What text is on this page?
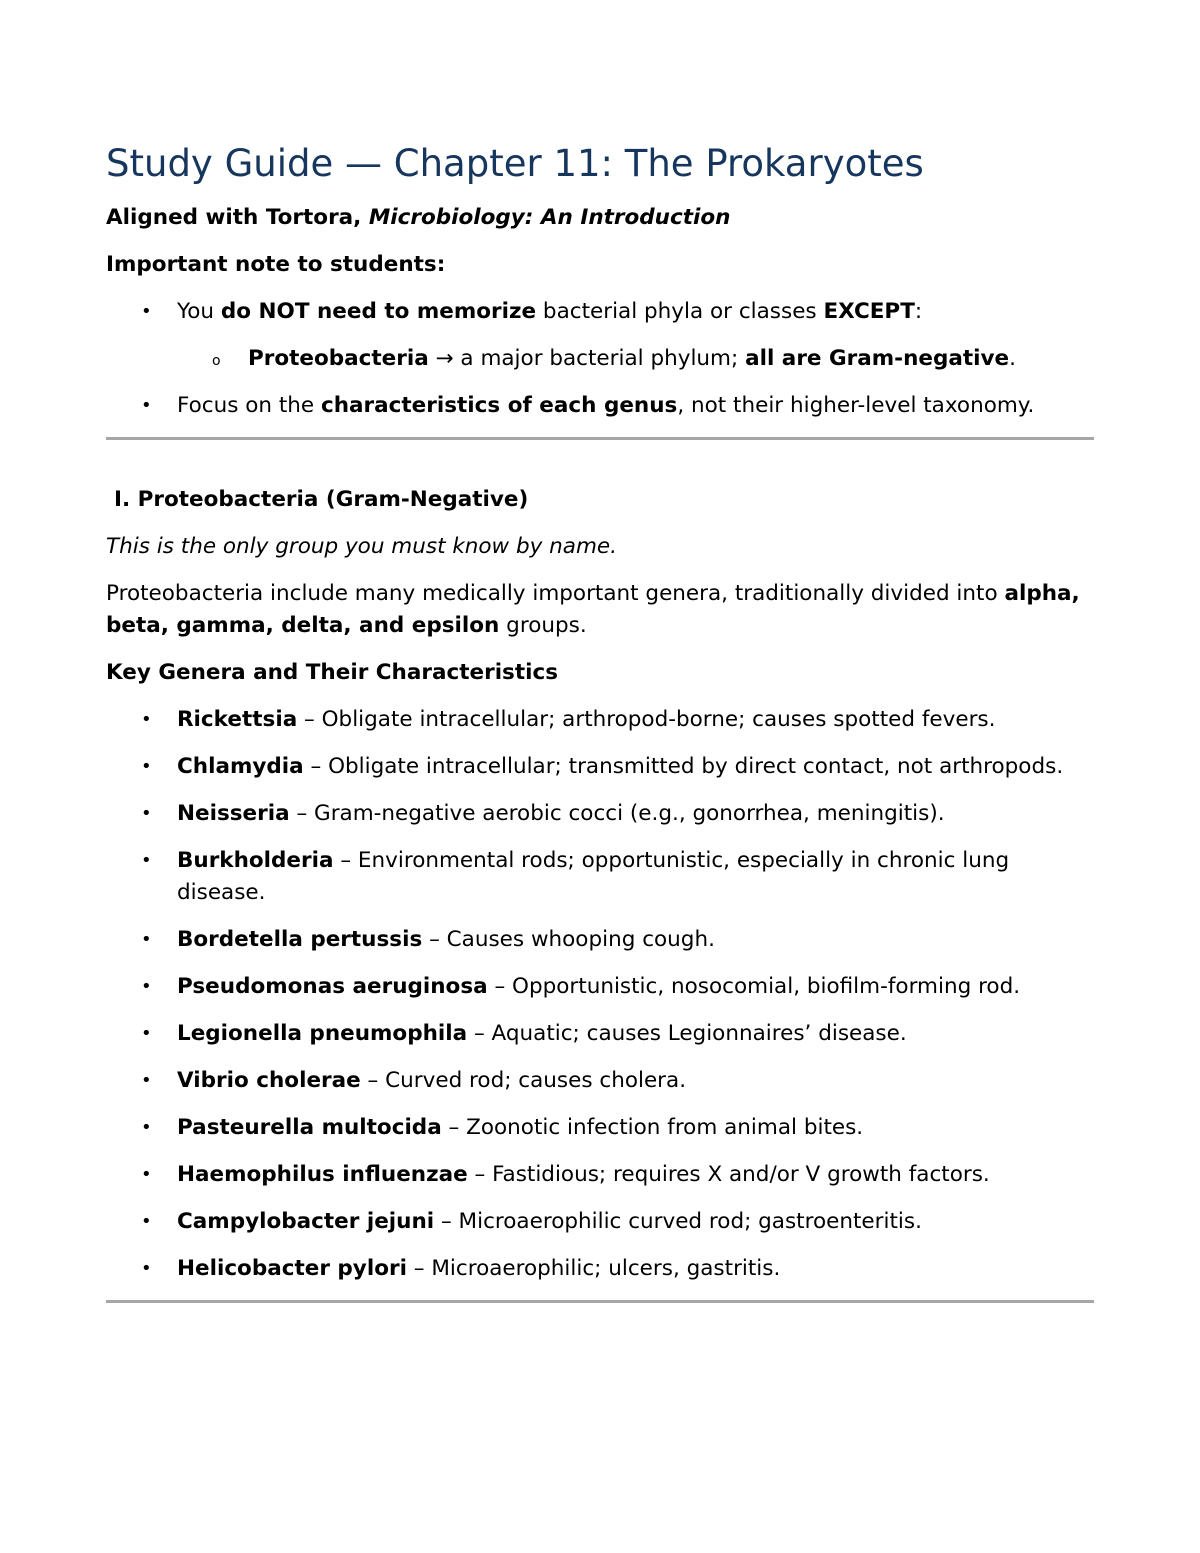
Study Guide — Chapter 11: The Prokaryotes

Aligned with Tortora, Microbiology: An Introduction

Important note to students:

• You do NOT need to memorize bacterial phyla or classes EXCEPT:
o Proteobacteria → a major bacterial phylum; all are Gram-negative.
• Focus on the characteristics of each genus, not their higher-level taxonomy.

I. Proteobacteria (Gram-Negative)

This is the only group you must know by name.

Proteobacteria include many medically important genera, traditionally divided into alpha, beta, gamma, delta, and epsilon groups.

Key Genera and Their Characteristics

• Rickettsia – Obligate intracellular; arthropod-borne; causes spotted fevers.
• Chlamydia – Obligate intracellular; transmitted by direct contact, not arthropods.
• Neisseria – Gram-negative aerobic cocci (e.g., gonorrhea, meningitis).
• Burkholderia – Environmental rods; opportunistic, especially in chronic lung disease.
• Bordetella pertussis – Causes whooping cough.
• Pseudomonas aeruginosa – Opportunistic, nosocomial, biofilm-forming rod.
• Legionella pneumophila – Aquatic; causes Legionnaires’ disease.
• Vibrio cholerae – Curved rod; causes cholera.
• Pasteurella multocida – Zoonotic infection from animal bites.
• Haemophilus influenzae – Fastidious; requires X and/or V growth factors.
• Campylobacter jejuni – Microaerophilic curved rod; gastroenteritis.
• Helicobacter pylori – Microaerophilic; ulcers, gastritis.
